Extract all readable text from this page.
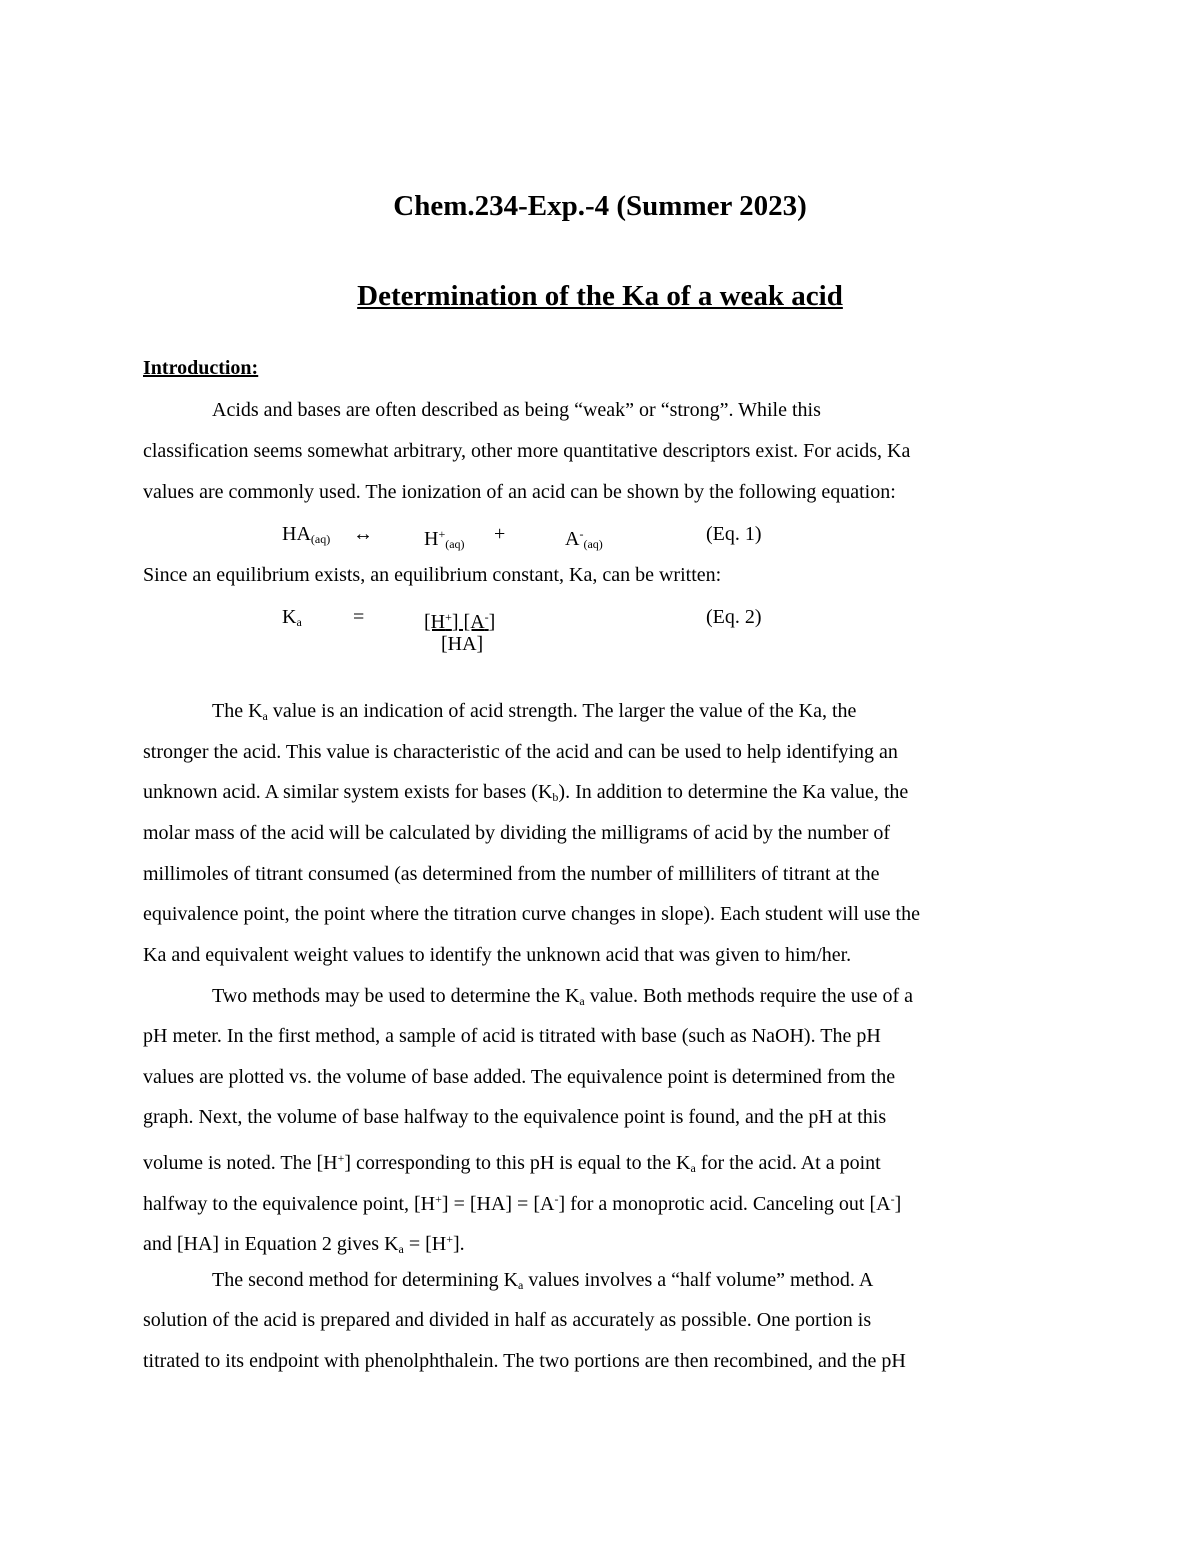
Chem.234-Exp.-4 (Summer 2023)
Determination of the Ka of a weak acid
Introduction:
Acids and bases are often described as being “weak” or “strong”. While this
classification seems somewhat arbitrary, other more quantitative descriptors exist. For acids, Ka
values are commonly used. The ionization of an acid can be shown by the following equation:
$HA_{(aq)}$ ↔	$H^+_{(aq)}$ +	$A^-_{(aq)}$	(Eq. 1)
Since an equilibrium exists, an equilibrium constant, Ka, can be written:
$K_a$	=	[H+] [A-]
[HA]
(Eq. 2)
The $K_a$ value is an indication of acid strength. The larger the value of the Ka, the
stronger the acid. This value is characteristic of the acid and can be used to help identifying an
unknown acid. A similar system exists for bases $(K_b)$. In addition to determine the Ka value, the
molar mass of the acid will be calculated by dividing the milligrams of acid by the number of
millimoles of titrant consumed (as determined from the number of milliliters of titrant at the
equivalence point, the point where the titration curve changes in slope). Each student will use the
Ka and equivalent weight values to identify the unknown acid that was given to him/her.
Two methods may be used to determine the $K_a$ value. Both methods require the use of a
pH meter. In the first method, a sample of acid is titrated with base (such as NaOH). The pH
values are plotted vs. the volume of base added. The equivalence point is determined from the
graph. Next, the volume of base halfway to the equivalence point is found, and the pH at this
volume is noted. The [H+] corresponding to this pH is equal to the $K_a$ for the acid. At a point
halfway to the equivalence point, [H+] = [HA] = [A-] for a monoprotic acid. Canceling out [A-]
and [HA] in Equation 2 gives $K_a = [H^+]$.
The second method for determining $K_a$ values involves a “half volume” method. A
solution of the acid is prepared and divided in half as accurately as possible. One portion is
titrated to its endpoint with phenolphthalein. The two portions are then recombined, and the pH
